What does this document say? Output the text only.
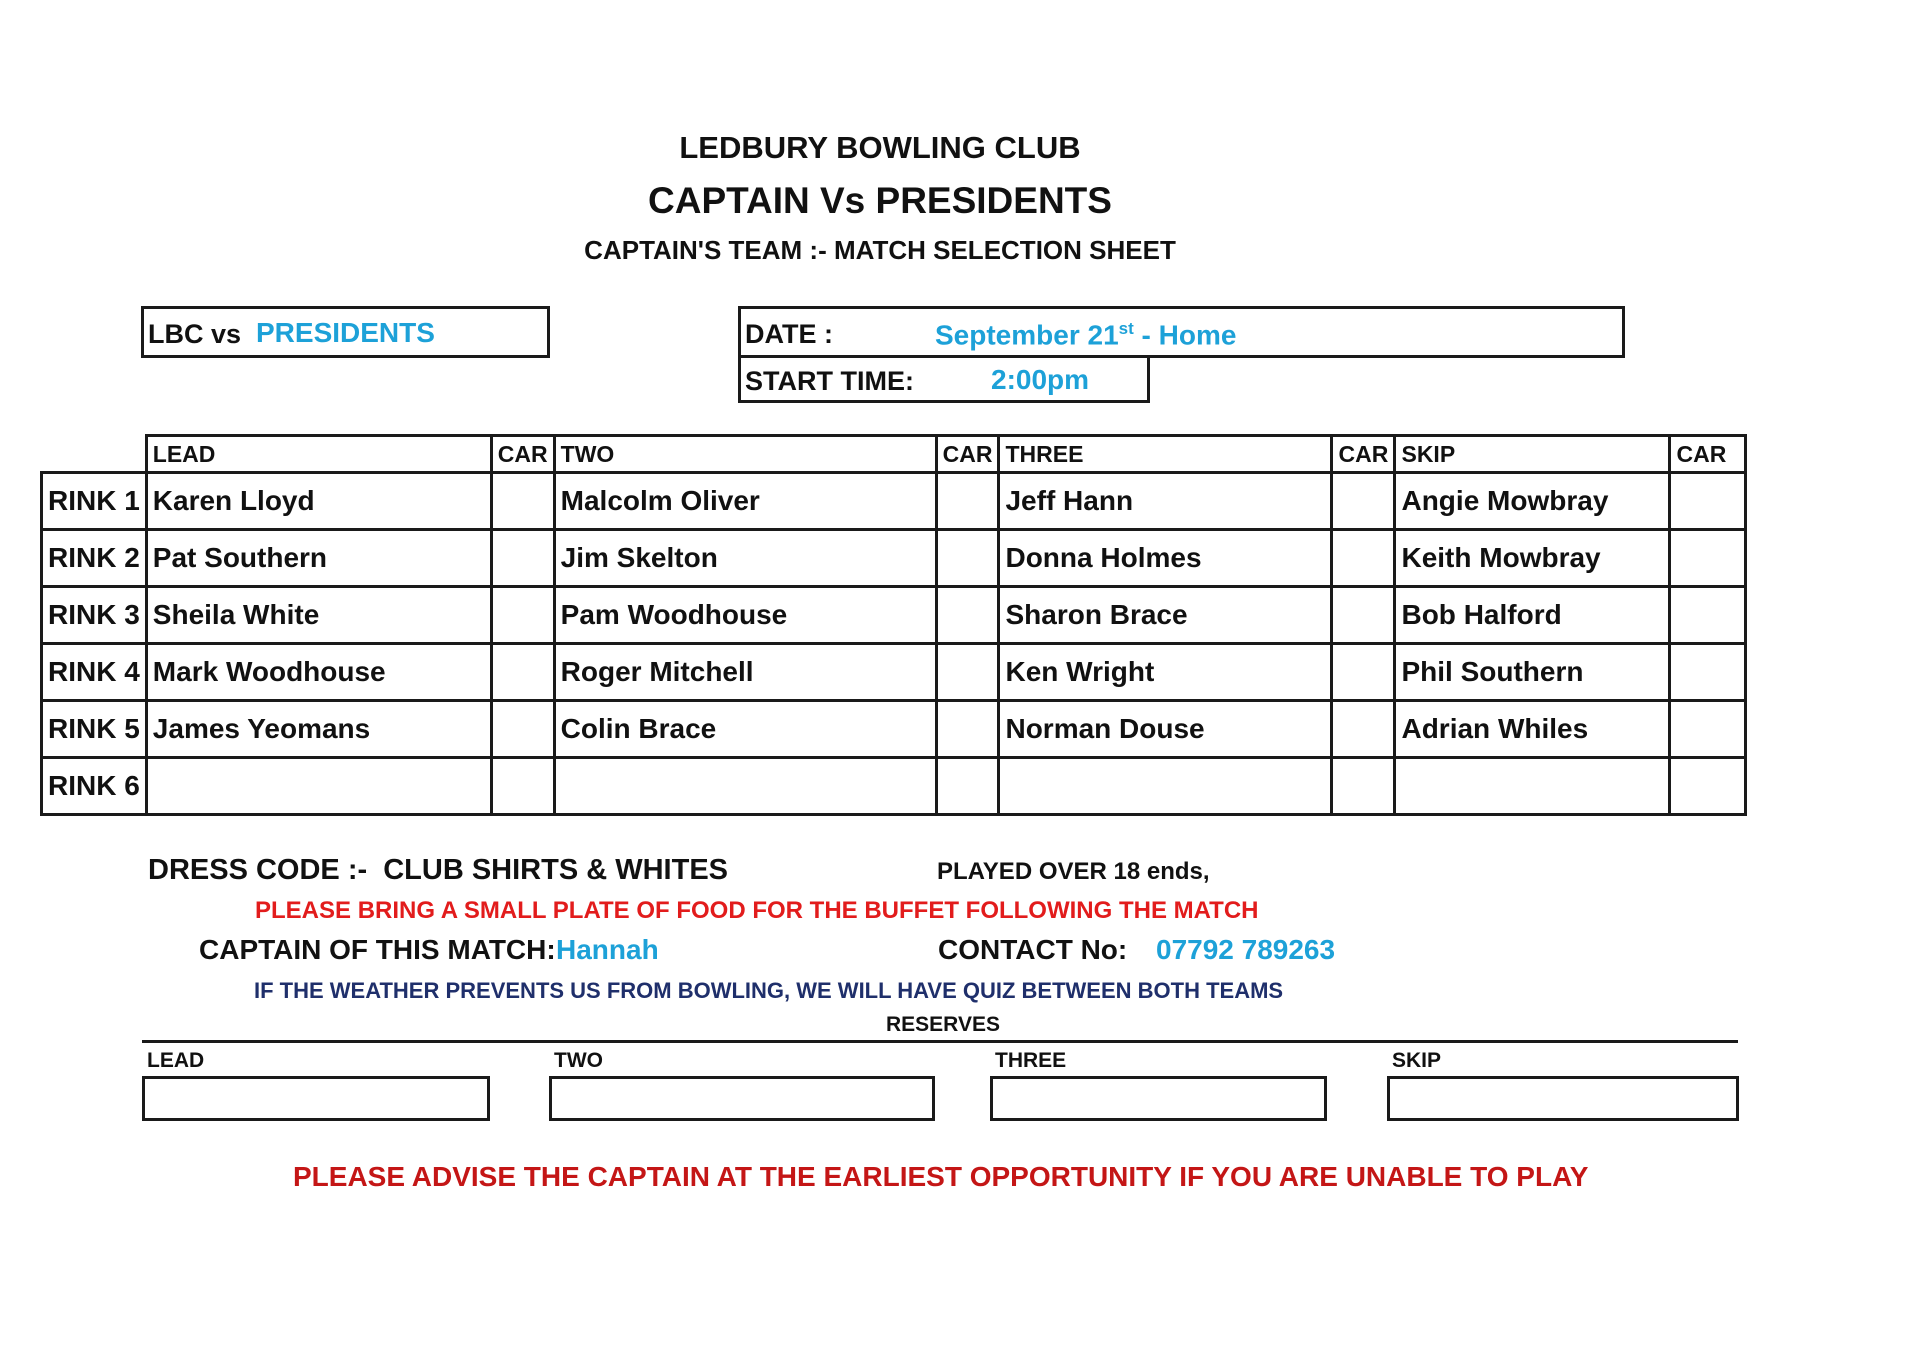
LEDBURY BOWLING CLUB
CAPTAIN Vs PRESIDENTS
CAPTAIN'S TEAM :- MATCH SELECTION SHEET
LBC vs PRESIDENTS	DATE :	September 21st - Home
START TIME:	2:00pm
	LEAD	CAR	TWO	CAR	THREE	CAR	SKIP	CAR
RINK 1	Karen Lloyd		Malcolm Oliver		Jeff Hann		Angie Mowbray	
RINK 2	Pat Southern		Jim Skelton		Donna Holmes		Keith Mowbray	
RINK 3	Sheila White		Pam Woodhouse		Sharon Brace		Bob Halford	
RINK 4	Mark Woodhouse		Roger Mitchell		Ken Wright		Phil Southern	
RINK 5	James Yeomans		Colin Brace		Norman Douse		Adrian Whiles	
RINK 6								
DRESS CODE :-  CLUB SHIRTS & WHITES	PLAYED OVER 18 ends,
PLEASE BRING A SMALL PLATE OF FOOD FOR THE BUFFET FOLLOWING THE MATCH
CAPTAIN OF THIS MATCH: Hannah	CONTACT No: 07792 789263
IF THE WEATHER PREVENTS US FROM BOWLING, WE WILL HAVE QUIZ BETWEEN BOTH TEAMS
RESERVES
LEAD	TWO	THREE	SKIP
PLEASE ADVISE THE CAPTAIN AT THE EARLIEST OPPORTUNITY IF YOU ARE UNABLE TO PLAY
